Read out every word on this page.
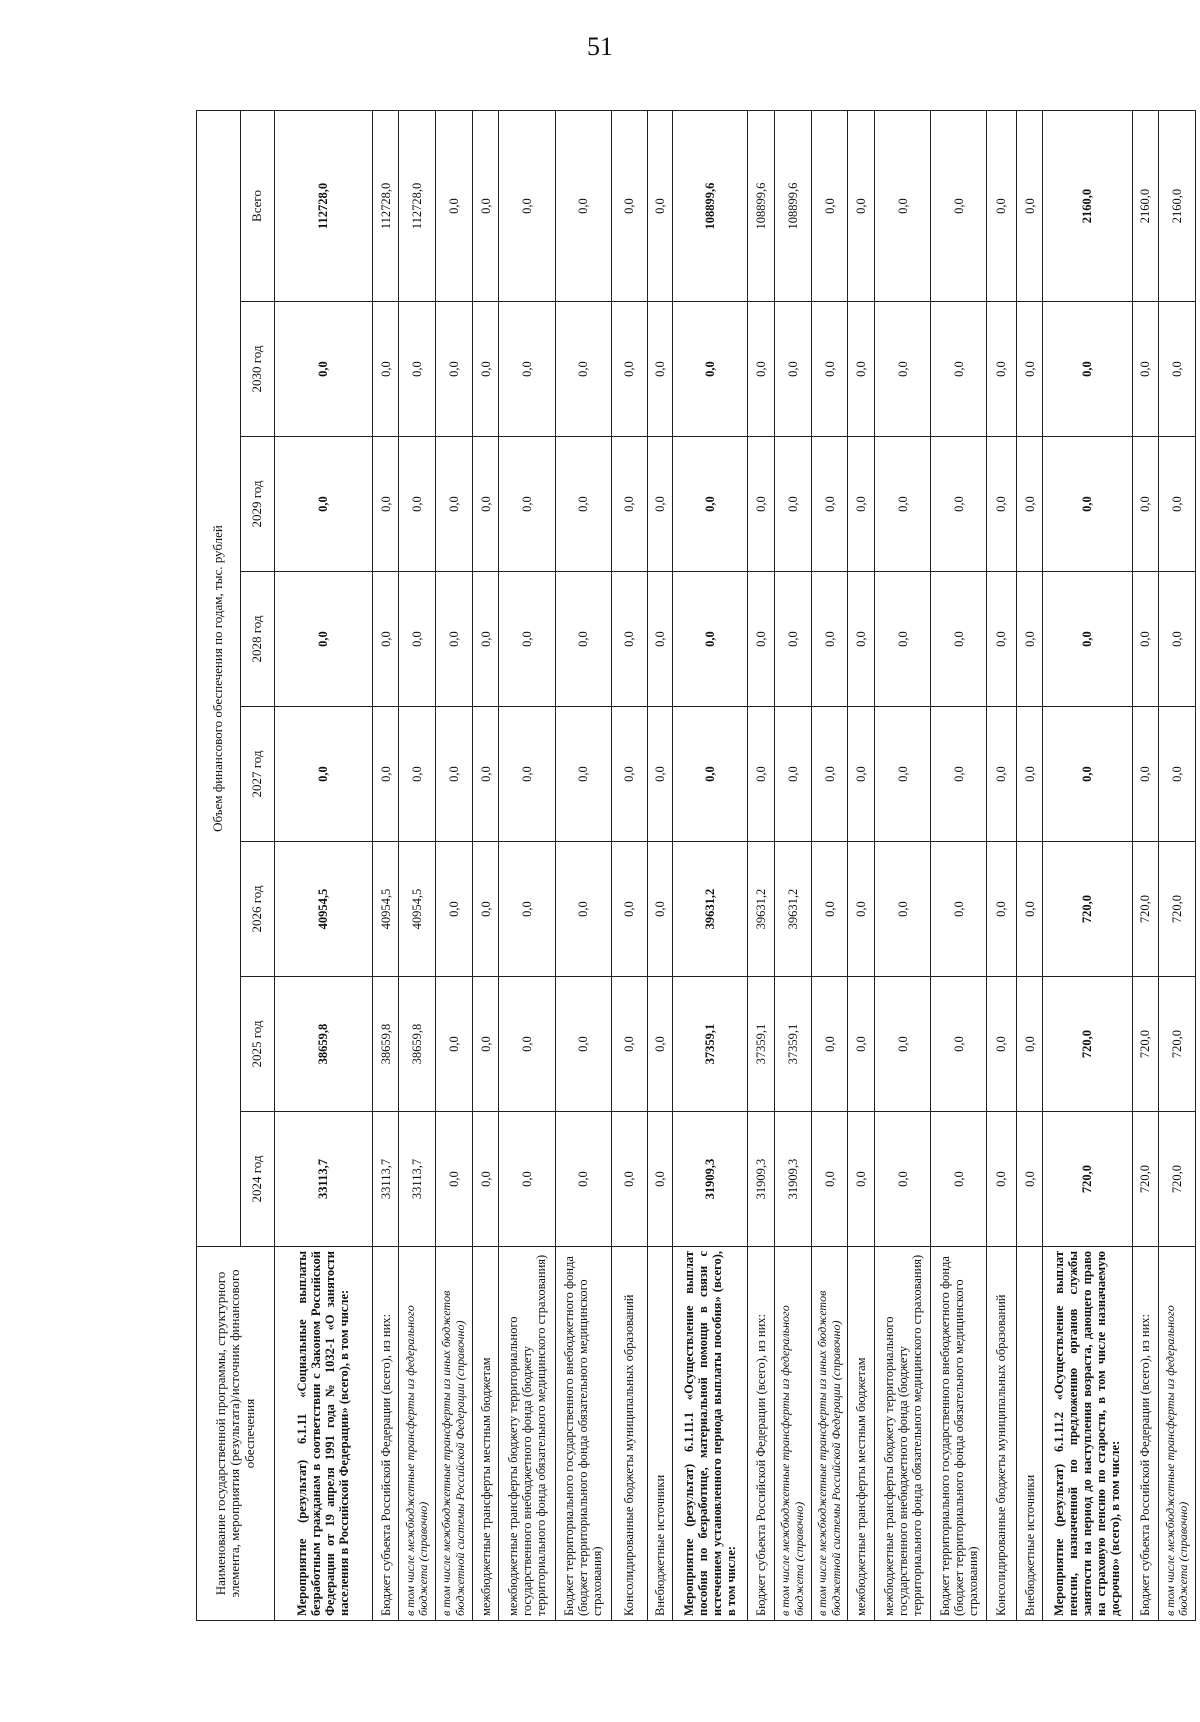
51
Наименование государственной программы, структурного элемента, мероприятия (результата)/источник финансового обеспечения	Объем финансового обеспечения по годам, тыс. рублей							
	2024 год	2025 год	2026 год	2027 год	2028 год	2029 год	2030 год	Всего
Мероприятие (результат) 6.1.11 «Социальные выплаты безработным гражданам в соответствии с Законом Российской Федерации от 19 апреля 1991 года № 1032-1 «О занятости населения в Российской Федерации» (всего), в том числе:	33113,7	38659,8	40954,5	0,0	0,0	0,0	0,0	112728,0
Бюджет субъекта Российской Федерации (всего), из них:	33113,7	38659,8	40954,5	0,0	0,0	0,0	0,0	112728,0
в том числе межбюджетные трансферты из федерального бюджета (справочно)	33113,7	38659,8	40954,5	0,0	0,0	0,0	0,0	112728,0
в том числе межбюджетные трансферты из иных бюджетов бюджетной системы Российской Федерации (справочно)	0,0	0,0	0,0	0,0	0,0	0,0	0,0	0,0
межбюджетные трансферты местным бюджетам	0,0	0,0	0,0	0,0	0,0	0,0	0,0	0,0
межбюджетные трансферты бюджету территориального государственного внебюджетного фонда (бюджету территориального фонда обязательного медицинского страхования)	0,0	0,0	0,0	0,0	0,0	0,0	0,0	0,0
Бюджет территориального государственного внебюджетного фонда (бюджет территориального фонда обязательного медицинского страхования)	0,0	0,0	0,0	0,0	0,0	0,0	0,0	0,0
Консолидированные бюджеты муниципальных образований	0,0	0,0	0,0	0,0	0,0	0,0	0,0	0,0
Внебюджетные источники	0,0	0,0	0,0	0,0	0,0	0,0	0,0	0,0
Мероприятие (результат) 6.1.11.1 «Осуществление выплат пособия по безработице, материальной помощи в связи с истечением установленного периода выплаты пособия» (всего), в том числе:	31909,3	37359,1	39631,2	0,0	0,0	0,0	0,0	108899,6
Бюджет субъекта Российской Федерации (всего), из них:	31909,3	37359,1	39631,2	0,0	0,0	0,0	0,0	108899,6
в том числе межбюджетные трансферты из федерального бюджета (справочно)	31909,3	37359,1	39631,2	0,0	0,0	0,0	0,0	108899,6
в том числе межбюджетные трансферты из иных бюджетов бюджетной системы Российской Федерации (справочно)	0,0	0,0	0,0	0,0	0,0	0,0	0,0	0,0
межбюджетные трансферты местным бюджетам	0,0	0,0	0,0	0,0	0,0	0,0	0,0	0,0
межбюджетные трансферты бюджету территориального государственного внебюджетного фонда (бюджету территориального фонда обязательного медицинского страхования)	0,0	0,0	0,0	0,0	0,0	0,0	0,0	0,0
Бюджет территориального государственного внебюджетного фонда (бюджет территориального фонда обязательного медицинского страхования)	0,0	0,0	0,0	0,0	0,0	0,0	0,0	0,0
Консолидированные бюджеты муниципальных образований	0,0	0,0	0,0	0,0	0,0	0,0	0,0	0,0
Внебюджетные источники	0,0	0,0	0,0	0,0	0,0	0,0	0,0	0,0
Мероприятие (результат) 6.1.11.2 «Осуществление выплат пенсии, назначенной по предложению органов службы занятости на период до наступления возраста, дающего право на страховую пенсию по старости, в том числе назначаемую досрочно» (всего), в том числе:	720,0	720,0	720,0	0,0	0,0	0,0	0,0	2160,0
Бюджет субъекта Российской Федерации (всего), из них:	720,0	720,0	720,0	0,0	0,0	0,0	0,0	2160,0
в том числе межбюджетные трансферты из федерального бюджета (справочно)	720,0	720,0	720,0	0,0	0,0	0,0	0,0	2160,0
